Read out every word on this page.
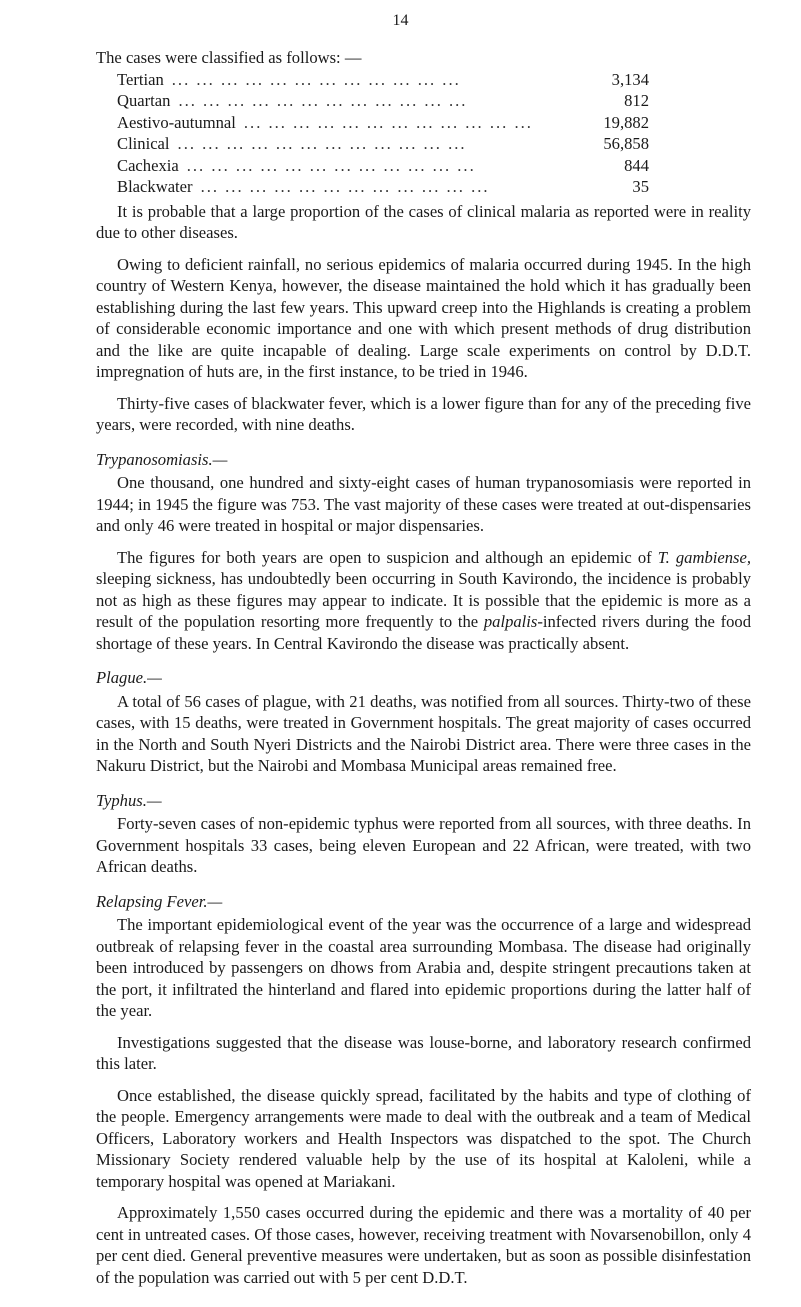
14

The cases were classified as follows: —

Tertian ...	3,134
Quartan ...	812
Aestivo-autumnal ...	19,882
Clinical ...	56,858
Cachexia ...	844
Blackwater ...	35

It is probable that a large proportion of the cases of clinical malaria as reported were in reality due to other diseases.

Owing to deficient rainfall, no serious epidemics of malaria occurred during 1945. In the high country of Western Kenya, however, the disease maintained the hold which it has gradually been establishing during the last few years. This upward creep into the Highlands is creating a problem of considerable economic importance and one with which present methods of drug distribution and the like are quite incapable of dealing. Large scale experiments on control by D.D.T. impregnation of huts are, in the first instance, to be tried in 1946.

Thirty-five cases of blackwater fever, which is a lower figure than for any of the preceding five years, were recorded, with nine deaths.

Trypanosomiasis.—

One thousand, one hundred and sixty-eight cases of human trypanosomiasis were reported in 1944; in 1945 the figure was 753. The vast majority of these cases were treated at out-dispensaries and only 46 were treated in hospital or major dispensaries.

The figures for both years are open to suspicion and although an epidemic of T. gambiense, sleeping sickness, has undoubtedly been occurring in South Kavirondo, the incidence is probably not as high as these figures may appear to indicate. It is possible that the epidemic is more as a result of the population resorting more frequently to the palpalis-infected rivers during the food shortage of these years. In Central Kavirondo the disease was practically absent.

Plague.—

A total of 56 cases of plague, with 21 deaths, was notified from all sources. Thirty-two of these cases, with 15 deaths, were treated in Government hospitals. The great majority of cases occurred in the North and South Nyeri Districts and the Nairobi District area. There were three cases in the Nakuru District, but the Nairobi and Mombasa Municipal areas remained free.

Typhus.—

Forty-seven cases of non-epidemic typhus were reported from all sources, with three deaths. In Government hospitals 33 cases, being eleven European and 22 African, were treated, with two African deaths.

Relapsing Fever.—

The important epidemiological event of the year was the occurrence of a large and widespread outbreak of relapsing fever in the coastal area surrounding Mombasa. The disease had originally been introduced by passengers on dhows from Arabia and, despite stringent precautions taken at the port, it infiltrated the hinterland and flared into epidemic proportions during the latter half of the year.

Investigations suggested that the disease was louse-borne, and laboratory research confirmed this later.

Once established, the disease quickly spread, facilitated by the habits and type of clothing of the people. Emergency arrangements were made to deal with the outbreak and a team of Medical Officers, Laboratory workers and Health Inspectors was dispatched to the spot. The Church Missionary Society rendered valuable help by the use of its hospital at Kaloleni, while a temporary hospital was opened at Mariakani.

Approximately 1,550 cases occurred during the epidemic and there was a mortality of 40 per cent in untreated cases. Of those cases, however, receiving treatment with Novarsenobillon, only 4 per cent died. General preventive measures were undertaken, but as soon as possible disinfestation of the population was carried out with 5 per cent D.D.T.
